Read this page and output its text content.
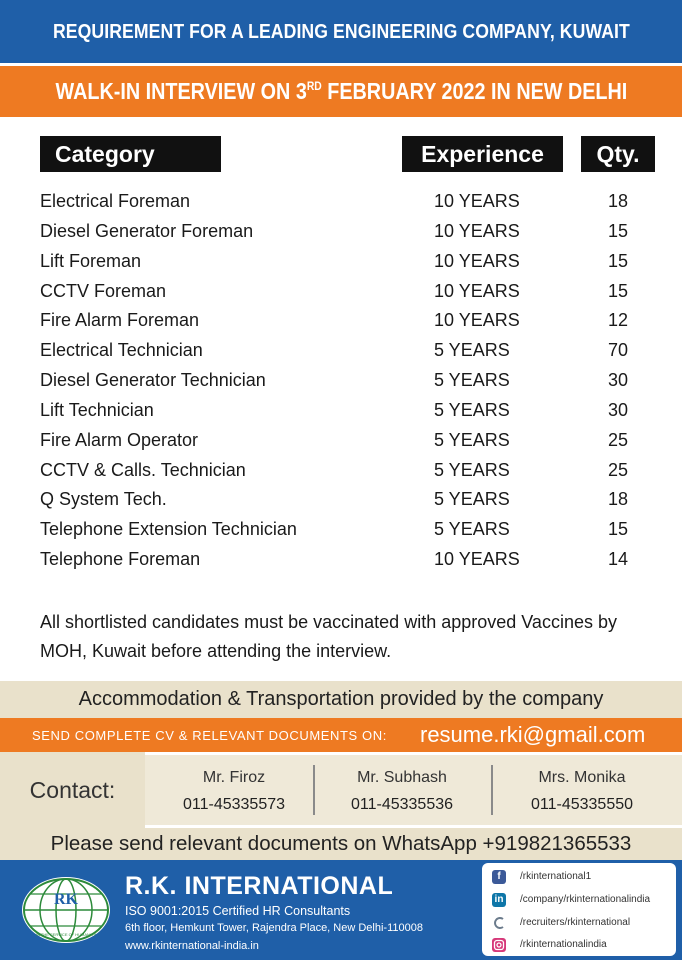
REQUIREMENT FOR A LEADING ENGINEERING COMPANY, KUWAIT
WALK-IN INTERVIEW ON 3RD FEBRUARY 2022 IN NEW DELHI
Category	Experience	Qty.
Electrical Foreman	10 YEARS	18
Diesel Generator Foreman	10 YEARS	15
Lift Foreman	10 YEARS	15
CCTV Foreman	10 YEARS	15
Fire Alarm Foreman	10 YEARS	12
Electrical Technician	5 YEARS	70
Diesel Generator Technician	5 YEARS	30
Lift Technician	5 YEARS	30
Fire Alarm Operator	5 YEARS	25
CCTV & Calls. Technician	5 YEARS	25
Q System Tech.	5 YEARS	18
Telephone Extension Technician	5 YEARS	15
Telephone Foreman	10 YEARS	14

All shortlisted candidates must be vaccinated with approved Vaccines by MOH, Kuwait before attending the interview.

Accommodation & Transportation provided by the company
SEND COMPLETE CV & RELEVANT DOCUMENTS ON: resume.rki@gmail.com
Contact:	Mr. Firoz
011-45335573
Mr. Subhash
011-45335536
Mrs. Monika
011-45335550
Please send relevant documents on WhatsApp +919821365533
RK
IN THE SERVICE OF HUMANITY
R.K. INTERNATIONAL
ISO 9001:2015 Certified HR Consultants
6th floor, Hemkunt Tower, Rajendra Place, New Delhi-110008
www.rkinternational-india.in
f	/rkinternational1
in /company/rkinternationalindia
/recruiters/rkinternational
/rkinternationalindia
